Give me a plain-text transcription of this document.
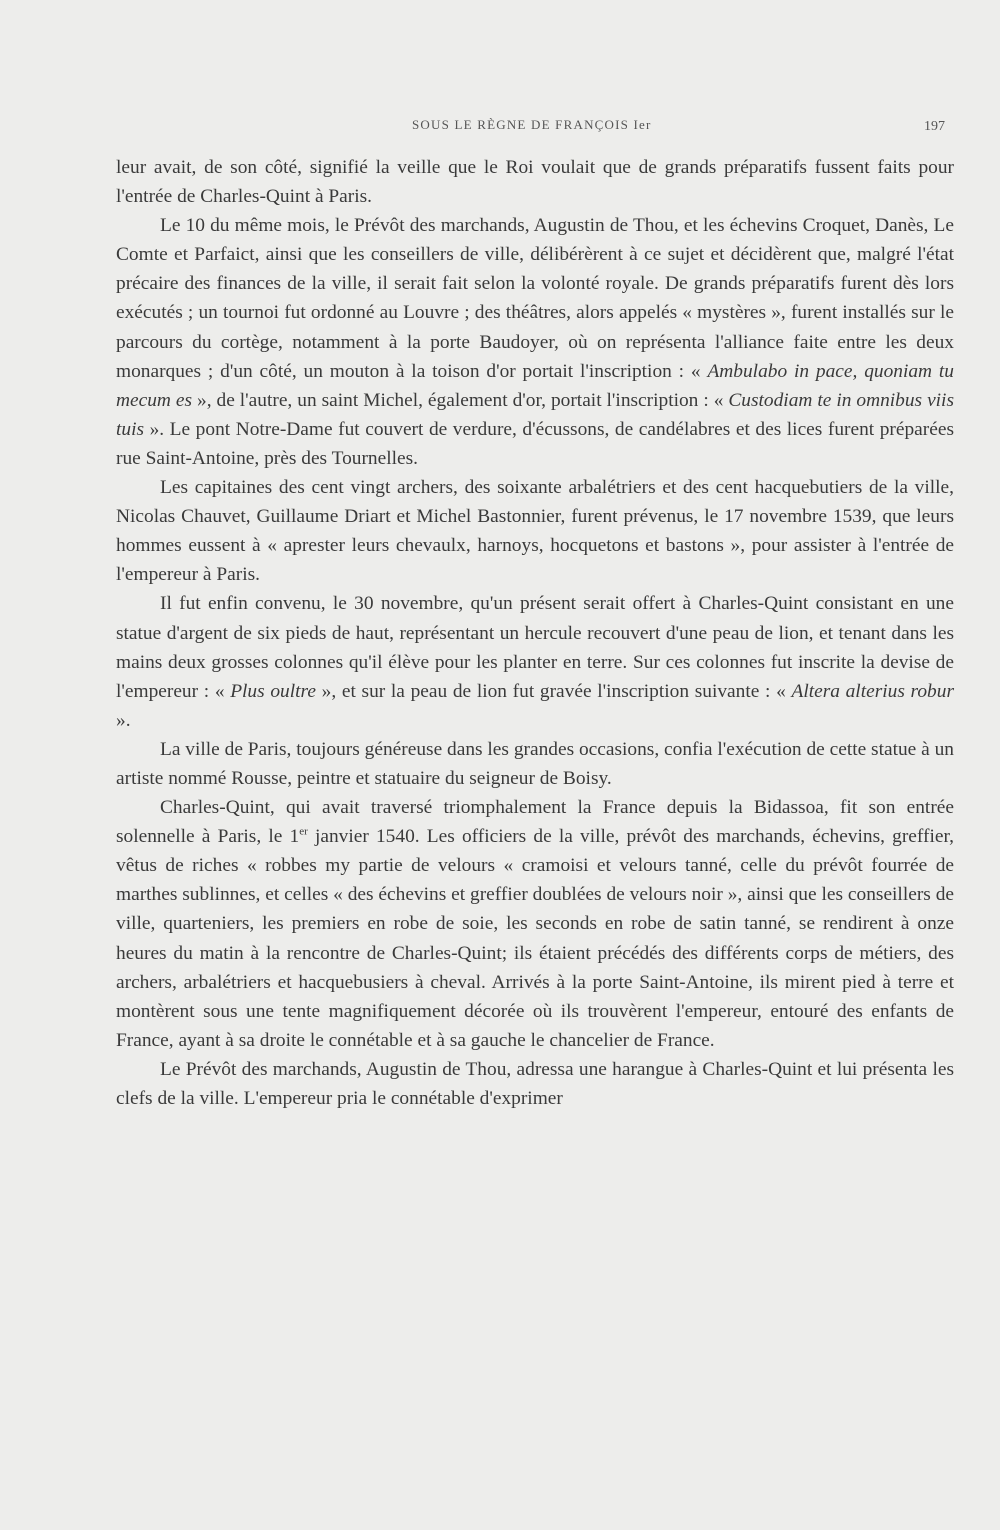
SOUS LE RÈGNE DE FRANÇOIS Ier	197

leur avait, de son côté, signifié la veille que le Roi voulait que de grands préparatifs fussent faits pour l'entrée de Charles-Quint à Paris.

Le 10 du même mois, le Prévôt des marchands, Augustin de Thou, et les échevins Croquet, Danès, Le Comte et Parfaict, ainsi que les conseillers de ville, délibérèrent à ce sujet et décidèrent que, malgré l'état précaire des finances de la ville, il serait fait selon la volonté royale. De grands préparatifs furent dès lors exécutés ; un tournoi fut ordonné au Louvre ; des théâtres, alors appelés « mystères », furent installés sur le parcours du cortège, notamment à la porte Baudoyer, où on représenta l'alliance faite entre les deux monarques ; d'un côté, un mouton à la toison d'or portait l'inscription : « Ambulabo in pace, quoniam tu mecum es », de l'autre, un saint Michel, également d'or, portait l'inscription : « Custodiam te in omnibus viis tuis ». Le pont Notre-Dame fut couvert de verdure, d'écussons, de candélabres et des lices furent préparées rue Saint-Antoine, près des Tournelles.

Les capitaines des cent vingt archers, des soixante arbalétriers et des cent hacquebutiers de la ville, Nicolas Chauvet, Guillaume Driart et Michel Bastonnier, furent prévenus, le 17 novembre 1539, que leurs hommes eussent à « aprester leurs chevaulx, harnoys, hocquetons et bastons », pour assister à l'entrée de l'empereur à Paris.

Il fut enfin convenu, le 30 novembre, qu'un présent serait offert à Charles-Quint consistant en une statue d'argent de six pieds de haut, représentant un hercule recouvert d'une peau de lion, et tenant dans les mains deux grosses colonnes qu'il élève pour les planter en terre. Sur ces colonnes fut inscrite la devise de l'empereur : « Plus oultre », et sur la peau de lion fut gravée l'inscription suivante : « Altera alterius robur ».

La ville de Paris, toujours généreuse dans les grandes occasions, confia l'exécution de cette statue à un artiste nommé Rousse, peintre et statuaire du seigneur de Boisy.

Charles-Quint, qui avait traversé triomphalement la France depuis la Bidassoa, fit son entrée solennelle à Paris, le 1er janvier 1540. Les officiers de la ville, prévôt des marchands, échevins, greffier, vêtus de riches « robbes my partie de velours « cramoisi et velours tanné, celle du prévôt fourrée de marthes sublinnes, et celles « des échevins et greffier doublées de velours noir », ainsi que les conseillers de ville, quarteniers, les premiers en robe de soie, les seconds en robe de satin tanné, se rendirent à onze heures du matin à la rencontre de Charles-Quint; ils étaient précédés des différents corps de métiers, des archers, arbalétriers et hacquebusiers à cheval. Arrivés à la porte Saint-Antoine, ils mirent pied à terre et montèrent sous une tente magnifiquement décorée où ils trouvèrent l'empereur, entouré des enfants de France, ayant à sa droite le connétable et à sa gauche le chancelier de France.

Le Prévôt des marchands, Augustin de Thou, adressa une harangue à Charles-Quint et lui présenta les clefs de la ville. L'empereur pria le connétable d'exprimer
